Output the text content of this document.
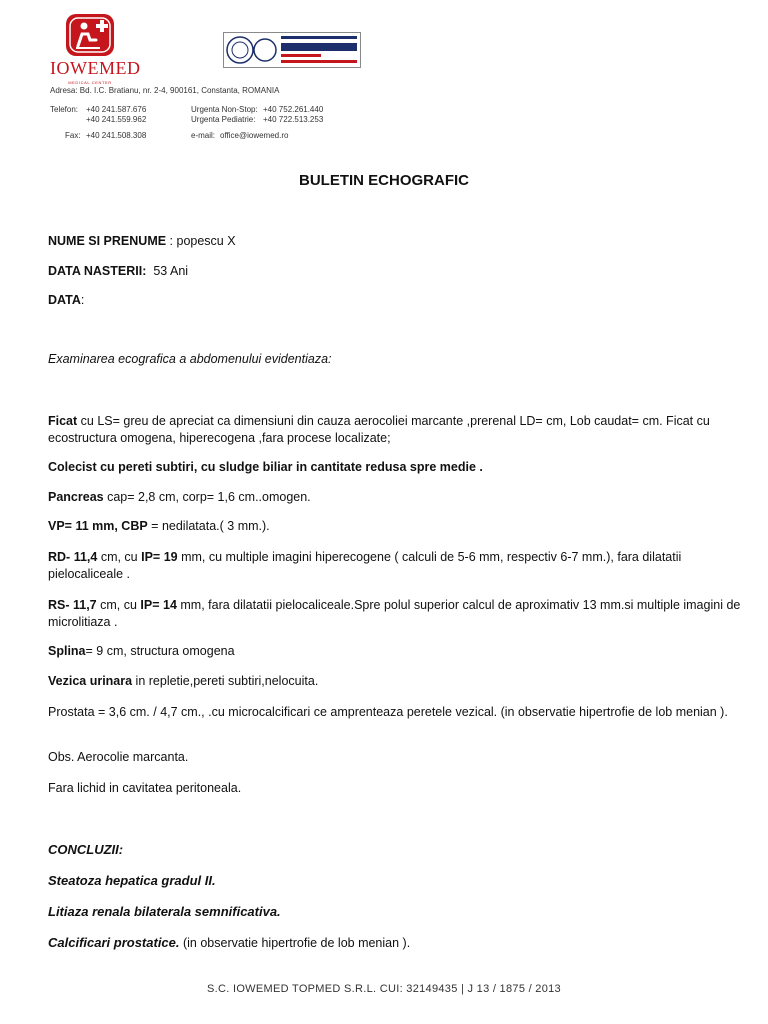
IOWEMED
MEDICAL CENTER
Adresa: Bd. I.C. Bratianu, nr. 2-4, 900161, Constanta, ROMANIA
Telefon: +40 241.587.676
+40 241.559.962
Urgenta Non-Stop: +40 752.261.440
Urgenta Pediatrie: +40 722.513.253
Fax: +40 241.508.308	e-mail: office@iowemed.ro
BULETIN ECHOGRAFIC
NUME SI PRENUME : popescu X
DATA NASTERII: 53 Ani
DATA:
Examinarea ecografica a abdomenului evidentiaza:
Ficat cu LS= greu de apreciat ca dimensiuni din cauza aerocoliei marcante ,prerenal LD= cm, Lob caudat= cm. Ficat cu ecostructura omogena, hiperecogena ,fara procese localizate;
Colecist cu pereti subtiri, cu sludge biliar in cantitate redusa spre medie .
Pancreas cap= 2,8 cm, corp= 1,6 cm..omogen.
VP= 11 mm, CBP = nedilatata.( 3 mm.).
RD- 11,4 cm, cu IP= 19 mm, cu multiple imagini hiperecogene ( calculi de 5-6 mm, respectiv 6-7 mm.), fara dilatatii pielocaliceale .
RS- 11,7 cm, cu IP= 14 mm, fara dilatatii pielocaliceale.Spre polul superior calcul de aproximativ 13 mm.si multiple imagini de microlitiaza .
Splina= 9 cm, structura omogena
Vezica urinara in repletie,pereti subtiri,nelocuita.
Prostata = 3,6 cm. / 4,7 cm., .cu microcalcificari ce amprenteaza peretele vezical. (in observatie hipertrofie de lob menian ).
Obs. Aerocolie marcanta.
Fara lichid in cavitatea peritoneala.
CONCLUZII:
Steatoza hepatica gradul II.
Litiaza renala bilaterala semnificativa.
Calcificari prostatice. (in observatie hipertrofie de lob menian ).
S.C. IOWEMED TOPMED S.R.L. CUI: 32149435 | J 13 / 1875 / 2013
